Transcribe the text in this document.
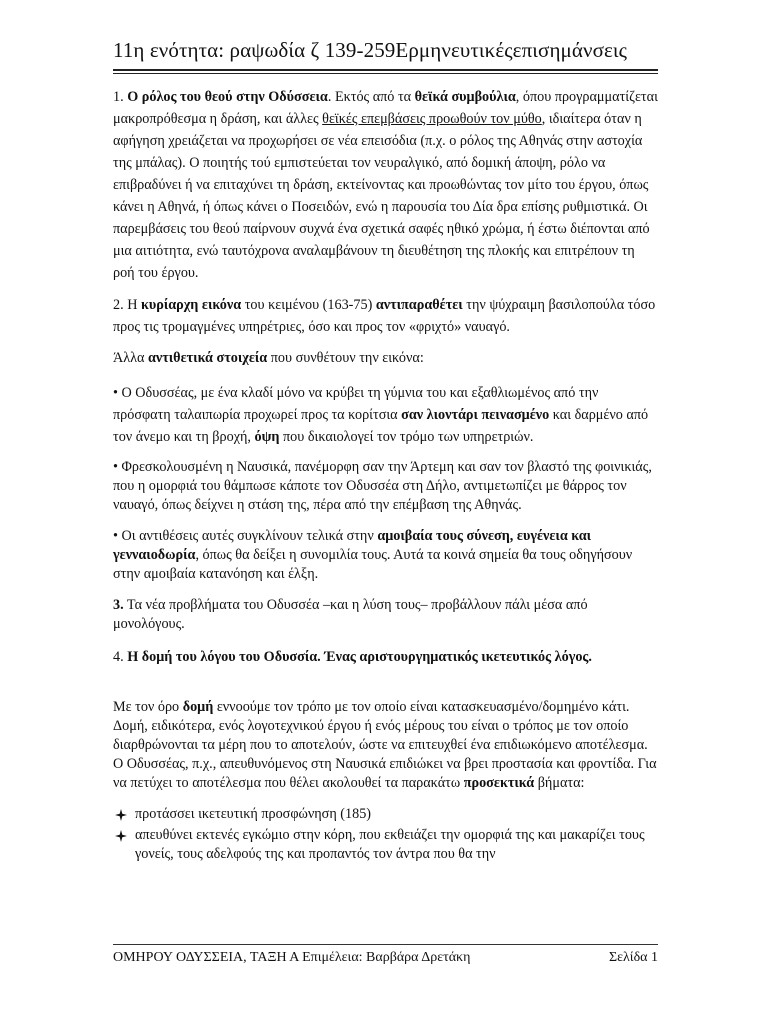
11η ενότητα: ραψωδία ζ 139-259Ερμηνευτικέςεπισημάνσεις

1. Ο ρόλος του θεού στην Οδύσσεια. Εκτός από τα θεϊκά συμβούλια, όπου προγραμματίζεται μακροπρόθεσμα η δράση, και άλλες θεϊκές επεμβάσεις προωθούν τον μύθο, ιδιαίτερα όταν η αφήγηση χρειάζεται να προχωρήσει σε νέα επεισόδια (π.χ. ο ρόλος της Αθηνάς στην αστοχία της μπάλας). Ο ποιητής τού εμπιστεύεται τον νευραλγικό, από δομική άποψη, ρόλο να επιβραδύνει ή να επιταχύνει τη δράση, εκτείνοντας και προωθώντας τον μίτο του έργου, όπως κάνει η Αθηνά, ή όπως κάνει ο Ποσειδών, ενώ η παρουσία του Δία δρα επίσης ρυθμιστικά. Οι παρεμβάσεις του θεού παίρνουν συχνά ένα σχετικά σαφές ηθικό χρώμα, ή έστω διέπονται από μια αιτιότητα, ενώ ταυτόχρονα αναλαμβάνουν τη διευθέτηση της πλοκής και επιτρέπουν τη ροή του έργου.

2. Η κυρίαρχη εικόνα του κειμένου (163-75) αντιπαραθέτει την ψύχραιμη βασιλοπούλα τόσο προς τις τρομαγμένες υπηρέτριες, όσο και προς τον «φριχτό» ναυαγό.

Άλλα αντιθετικά στοιχεία που συνθέτουν την εικόνα:

• Ο Οδυσσέας, με ένα κλαδί μόνο να κρύβει τη γύμνια του και εξαθλιωμένος από την πρόσφατη ταλαιπωρία προχωρεί προς τα κορίτσια σαν λιοντάρι πεινασμένο και δαρμένο από τον άνεμο και τη βροχή, όψη που δικαιολογεί τον τρόμο των υπηρετριών.

• Φρεσκολουσμένη η Ναυσικά, πανέμορφη σαν την Άρτεμη και σαν τον βλαστό της φοινικιάς, που η ομορφιά του θάμπωσε κάποτε τον Οδυσσέα στη Δήλο, αντιμετωπίζει με θάρρος τον ναυαγό, όπως δείχνει η στάση της, πέρα από την επέμβαση της Αθηνάς.

• Οι αντιθέσεις αυτές συγκλίνουν τελικά στην αμοιβαία τους σύνεση, ευγένεια και γενναιοδωρία, όπως θα δείξει η συνομιλία τους. Αυτά τα κοινά σημεία θα τους οδηγήσουν στην αμοιβαία κατανόηση και έλξη.

3. Τα νέα προβλήματα του Οδυσσέα –και η λύση τους– προβάλλουν πάλι μέσα από μονολόγους.

4. Η δομή του λόγου του Οδυσσία. Ένας αριστουργηματικός ικετευτικός λόγος.

Με τον όρο δομή εννοούμε τον τρόπο με τον οποίο είναι κατασκευασμένο/δομημένο κάτι. Δομή, ειδικότερα, ενός λογοτεχνικού έργου ή ενός μέρους του είναι ο τρόπος με τον οποίο διαρθρώνονται τα μέρη που το αποτελούν, ώστε να επιτευχθεί ένα επιδιωκόμενο αποτέλεσμα. Ο Οδυσσέας, π.χ., απευθυνόμενος στη Ναυσικά επιδιώκει να βρει προστασία και φροντίδα. Για να πετύχει το αποτέλεσμα που θέλει ακολουθεί τα παρακάτω προσεκτικά βήματα:

προτάσσει ικετευτική προσφώνηση (185)
απευθύνει εκτενές εγκώμιο στην κόρη, που εκθειάζει την ομορφιά της και μακαρίζει τους γονείς, τους αδελφούς της και προπαντός τον άντρα που θα την
ΟΜΗΡΟΥ ΟΔΥΣΣΕΙΑ, ΤΑΞΗ Α Επιμέλεια: Βαρβάρα Δρετάκη	Σελίδα 1
